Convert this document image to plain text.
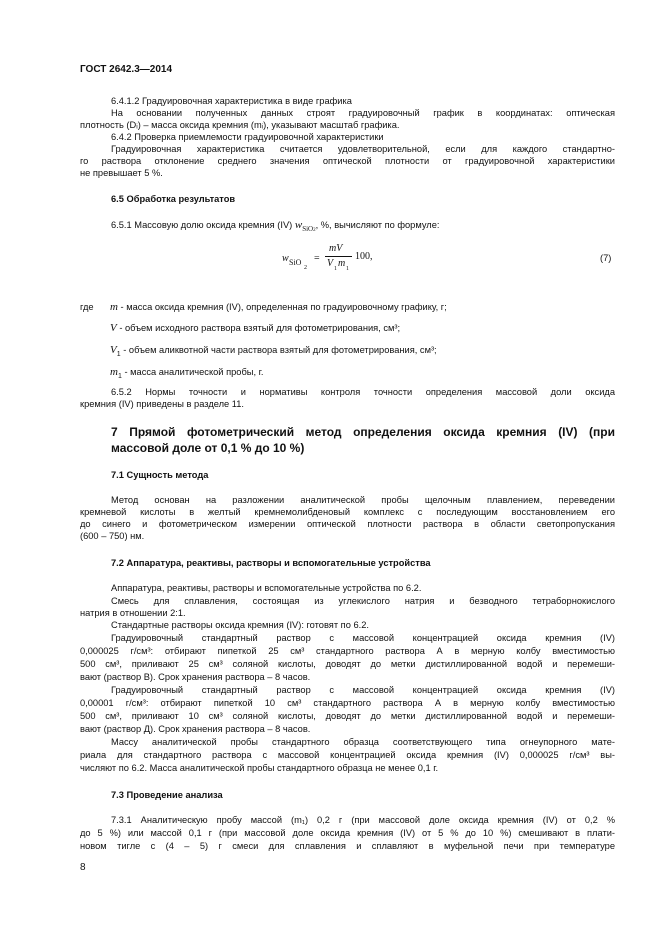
ГОСТ 2642.3—2014
6.4.1.2 Градуировочная характеристика в виде графика
На основании полученных данных строят градуировочный график в координатах: оптическая
плотность (Dᵢ) – масса оксида кремния (mᵢ), указывают масштаб графика.
6.4.2 Проверка приемлемости градуировочной характеристики
Градуировочная характеристика считается удовлетворительной, если для каждого стандартно-
го раствора отклонение среднего значения оптической плотности от градуировочной характеристики
не превышает 5 %.
6.5 Обработка результатов
6.5.1 Массовую долю оксида кремния (IV) $w_{SiO2}$, %, вычисляют по формуле:
w SiO
2
=
mV
V 1 m 1
100 ,	(7)
где	m - масса оксида кремния (IV), определенная по градуировочному графику, г;
V - объем исходного раствора взятый для фотометрирования, см³;
$V_1$ - объем аликвотной части раствора взятый для фотометрирования, см³;
$m_1$ - масса аналитической пробы, г.
6.5.2 Нормы точности и нормативы контроля точности определения массовой доли оксида
кремния (IV) приведены в разделе 11.
7 Прямой фотометрический метод определения оксида кремния (IV) (при
массовой доле от 0,1 % до 10 %)
7.1 Сущность метода
Метод основан на разложении аналитической пробы щелочным плавлением, переведении
кремневой кислоты в желтый кремнемолибденовый комплекс с последующим восстановлением его
до синего и фотометрическом измерении оптической плотности раствора в области светопропускания
(600 – 750) нм.
7.2 Аппаратура, реактивы, растворы и вспомогательные устройства
Аппаратура, реактивы, растворы и вспомогательные устройства по 6.2.
Смесь для сплавления, состоящая из углекислого натрия и безводного тетраборнокислого
натрия в отношении 2:1.
Стандартные растворы оксида кремния (IV): готовят по 6.2.
Градуировочный стандартный раствор с массовой концентрацией оксида кремния (IV)
0,000025 г/см³: отбирают пипеткой 25 см³ стандартного раствора А в мерную колбу вместимостью
500 см³, приливают 25 см³ соляной кислоты, доводят до метки дистиллированной водой и перемеши-
вают (раствор В). Срок хранения раствора – 8 часов.
Градуировочный стандартный раствор с массовой концентрацией оксида кремния (IV)
0,00001 г/см³: отбирают пипеткой 10 см³ стандартного раствора А в мерную колбу вместимостью
500 см³, приливают 10 см³ соляной кислоты, доводят до метки дистиллированной водой и перемеши-
вают (раствор Д). Срок хранения раствора – 8 часов.
Массу аналитической пробы стандартного образца соответствующего типа огнеупорного мате-
риала для стандартного раствора с массовой концентрацией оксида кремния (IV) 0,000025 г/см³ вы-
числяют по 6.2. Масса аналитической пробы стандартного образца не менее 0,1 г.
7.3 Проведение анализа
7.3.1 Аналитическую пробу массой (m₁) 0,2 г (при массовой доле оксида кремния (IV) от 0,2 %
до 5 %) или массой 0,1 г (при массовой доле оксида кремния (IV) от 5 % до 10 %) смешивают в плати-
новом тигле с (4 – 5) г смеси для сплавления и сплавляют в муфельной печи при температуре
8
